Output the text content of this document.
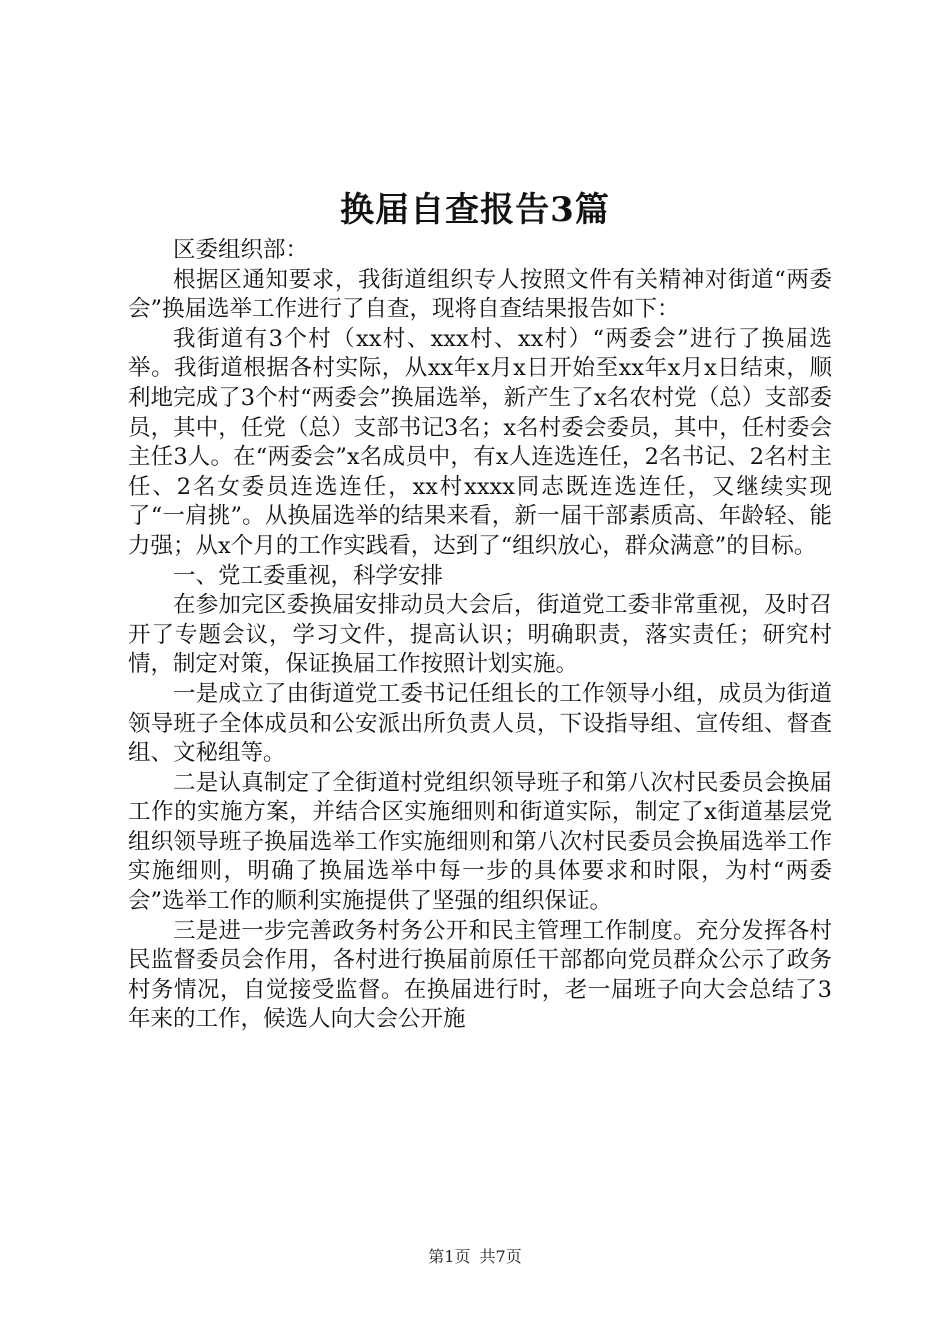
换届自查报告3篇

区委组织部：

根据区通知要求，我街道组织专人按照文件有关精神对街道“两委会”换届选举工作进行了自查，现将自查结果报告如下：

我街道有3个村（xx村、xxx村、xx村）“两委会”进行了换届选举。我街道根据各村实际，从xx年x月x日开始至xx年x月x日结束，顺利地完成了3个村“两委会”换届选举，新产生了x名农村党（总）支部委员，其中，任党（总）支部书记3名；x名村委会委员，其中，任村委会主任3人。在“两委会”x名成员中，有x人连选连任，2名书记、2名村主任、2名女委员连选连任，xx村xxxx同志既连选连任，又继续实现了“一肩挑”。从换届选举的结果来看，新一届干部素质高、年龄轻、能力强；从x个月的工作实践看，达到了“组织放心，群众满意”的目标。

一、党工委重视，科学安排

在参加完区委换届安排动员大会后，街道党工委非常重视，及时召开了专题会议，学习文件，提高认识；明确职责，落实责任；研究村情，制定对策，保证换届工作按照计划实施。

一是成立了由街道党工委书记任组长的工作领导小组，成员为街道领导班子全体成员和公安派出所负责人员，下设指导组、宣传组、督查组、文秘组等。

二是认真制定了全街道村党组织领导班子和第八次村民委员会换届工作的实施方案，并结合区实施细则和街道实际，制定了x街道基层党组织领导班子换届选举工作实施细则和第八次村民委员会换届选举工作实施细则，明确了换届选举中每一步的具体要求和时限，为村“两委会”选举工作的顺利实施提供了坚强的组织保证。

三是进一步完善政务村务公开和民主管理工作制度。充分发挥各村民监督委员会作用，各村进行换届前原任干部都向党员群众公示了政务村务情况，自觉接受监督。在换届进行时，老一届班子向大会总结了3年来的工作，候选人向大会公开施

第1页 共7页
